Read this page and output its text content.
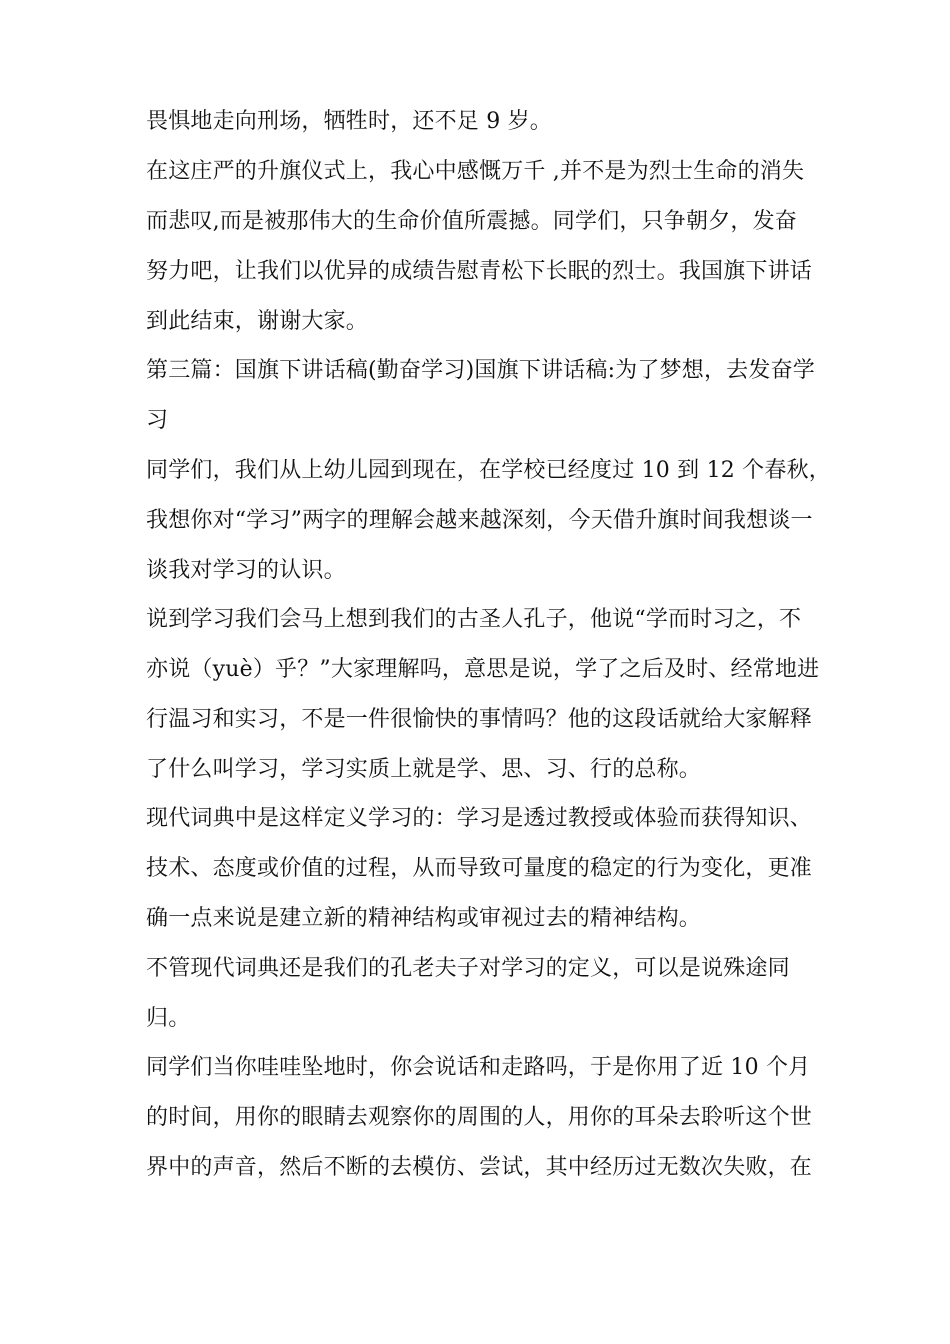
畏惧地走向刑场，牺牲时，还不足 9 岁。

在这庄严的升旗仪式上，我心中感慨万千 ,并不是为烈士生命的消失

而悲叹,而是被那伟大的生命价值所震撼。同学们，只争朝夕，发奋

努力吧，让我们以优异的成绩告慰青松下长眠的烈士。我国旗下讲话

到此结束，谢谢大家。

第三篇：国旗下讲话稿(勤奋学习)国旗下讲话稿:为了梦想，去发奋学

习

同学们，我们从上幼儿园到现在，在学校已经度过 10 到 12 个春秋，

我想你对“学习”两字的理解会越来越深刻，今天借升旗时间我想谈一

谈我对学习的认识。

说到学习我们会马上想到我们的古圣人孔子，他说“学而时习之，不

亦说（yuè）乎？”大家理解吗，意思是说，学了之后及时、经常地进

行温习和实习，不是一件很愉快的事情吗？他的这段话就给大家解释

了什么叫学习，学习实质上就是学、思、习、行的总称。

现代词典中是这样定义学习的：学习是透过教授或体验而获得知识、

技术、态度或价值的过程，从而导致可量度的稳定的行为变化，更准

确一点来说是建立新的精神结构或审视过去的精神结构。

不管现代词典还是我们的孔老夫子对学习的定义，可以是说殊途同

归。

同学们当你哇哇坠地时，你会说话和走路吗，于是你用了近 10 个月

的时间，用你的眼睛去观察你的周围的人，用你的耳朵去聆听这个世

界中的声音，然后不断的去模仿、尝试，其中经历过无数次失败，在
